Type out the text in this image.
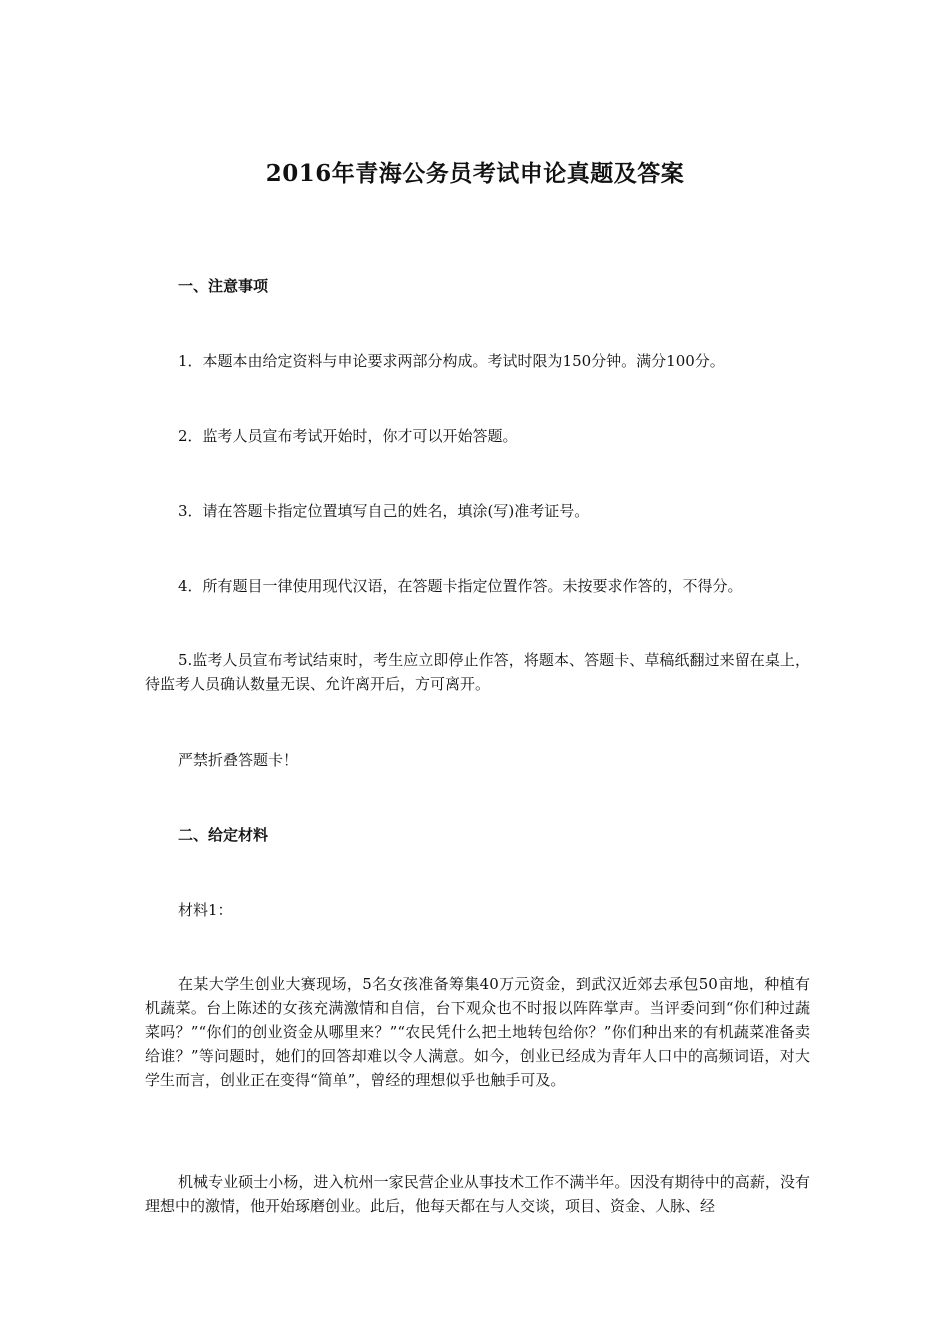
2016年青海公务员考试申论真题及答案
一、注意事项

1．本题本由给定资料与申论要求两部分构成。考试时限为150分钟。满分100分。

2．监考人员宣布考试开始时，你才可以开始答题。

3．请在答题卡指定位置填写自己的姓名，填涂(写)准考证号。

4．所有题目一律使用现代汉语，在答题卡指定位置作答。未按要求作答的，不得分。

5.监考人员宣布考试结束时，考生应立即停止作答，将题本、答题卡、草稿纸翻过来留在桌上，待监考人员确认数量无误、允许离开后，方可离开。

严禁折叠答题卡！

二、给定材料

材料1：

在某大学生创业大赛现场，5名女孩准备筹集40万元资金，到武汉近郊去承包50亩地，种植有机蔬菜。台上陈述的女孩充满激情和自信，台下观众也不时报以阵阵掌声。当评委问到“你们种过蔬菜吗？”“你们的创业资金从哪里来？”“农民凭什么把土地转包给你？”你们种出来的有机蔬菜准备卖给谁？”等问题时，她们的回答却难以令人满意。如今，创业已经成为青年人口中的高频词语，对大学生而言，创业正在变得“简单”，曾经的理想似乎也触手可及。

机械专业硕士小杨，进入杭州一家民营企业从事技术工作不满半年。因没有期待中的高薪，没有理想中的激情，他开始琢磨创业。此后，他每天都在与人交谈，项目、资金、人脉、经
